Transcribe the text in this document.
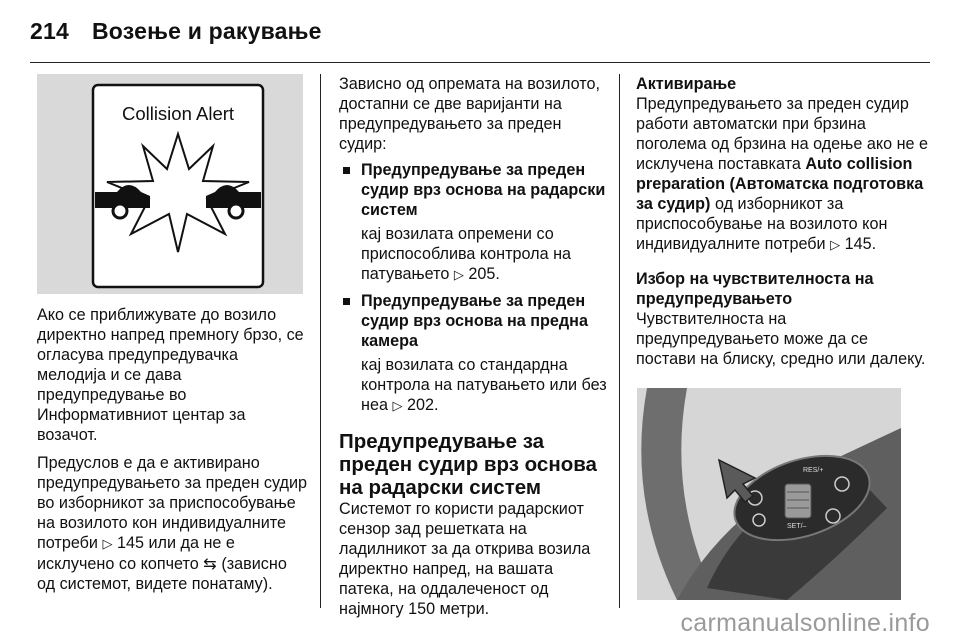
214 Возење и ракување
Collision Alert

Ако се приближувате до возило директно напред премногу брзо, се огласува предупредувачка мелодија и се дава предупредување во Информативниот центар за возачот.

Предуслов е да е активирано предупредувањето за преден судир во изборникот за приспособување на возилото кон индивидуалните потреби ▷ 145 или да не е исклучено со копчето ⇆ (зависно од системот, видете понатаму).

Зависно од опремата на возилото, достапни се две варијанти на предупредувањето за преден судир:

Предупредување за преден судир врз основа на радарски систем

кај возилата опремени со приспособлива контрола на патувањето ▷ 205.

Предупредување за преден судир врз основа на предна камера

кај возилата со стандардна контрола на патувањето или без неа ▷ 202.

Предупредување за преден судир врз основа на радарски систем

Системот го користи радарскиот сензор зад решетката на ладилникот за да открива возила директно напред, на вашата патека, на оддалеченост од најмногу 150 метри.

Активирање

Предупредувањето за преден судир работи автоматски при брзина поголема од брзина на одење ако не е исклучена поставката Auto collision preparation (Автоматска подготовка за судир) од изборникот за приспособување на возилото кон индивидуалните потреби ▷ 145.

Избор на чувствителноста на предупредувањето

Чувствителноста на предупредувањето може да се постави на блиску, средно или далеку.

RES/+
SET/–
carmanualsonline.info
